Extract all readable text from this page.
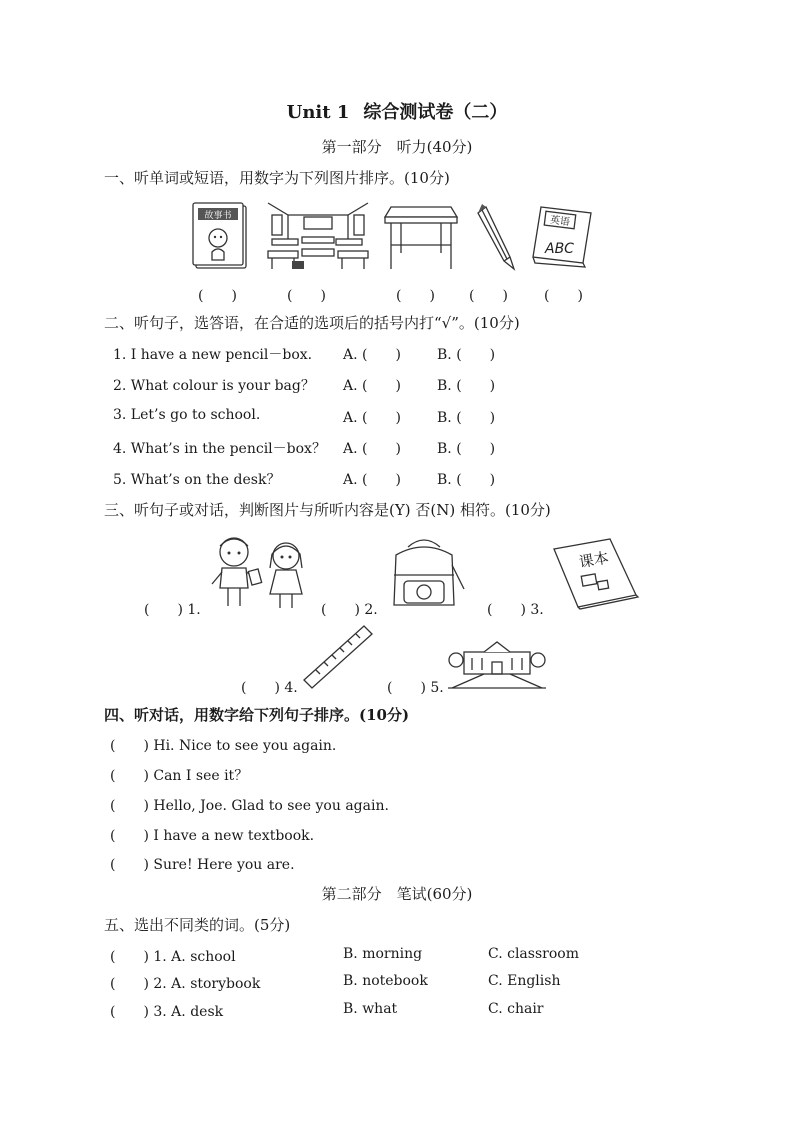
Unit 1 综合测试卷（二）
第一部分　听力(40分)
一、听单词或短语，用数字为下列图片排序。(10分)
故事书	英语
ABC
(　　)	(　　)	(　　) (　　)	(　　)
二、听句子，选答语，在合适的选项后的括号内打“√”。(10分)
1. I have a new pencil－box. A. (　　)	B. (　　)
2. What colour is your bag？ A. (　　)	B. (　　)
3. Let’s go to school.	A. (　　)	B. (　　)
4. What’s in the pencil－box？ A. (　　)	B. (　　)
5. What’s on the desk？	A. (　　)	B. (　　)
三、听句子或对话，判断图片与所听内容是(Y) 否(N) 相符。(10分)
(　　) 1.	(　　) 2.	(　　) 3.
课本
(　　) 4.	(　　) 5.
四、听对话，用数字给下列句子排序。(10分)
(　　) Hi. Nice to see you again.
(　　) Can I see it？
(　　) Hello, Joe. Glad to see you again.
(　　) I have a new textbook.
(　　) Sure! Here you are.
第二部分　笔试(60分)
五、选出不同类的词。(5分)
(　　) 1. A. school	B. morning	C. classroom
(　　) 2. A. storybook	B. notebook	C. English
(　　) 3. A. desk	B. what	C. chair
